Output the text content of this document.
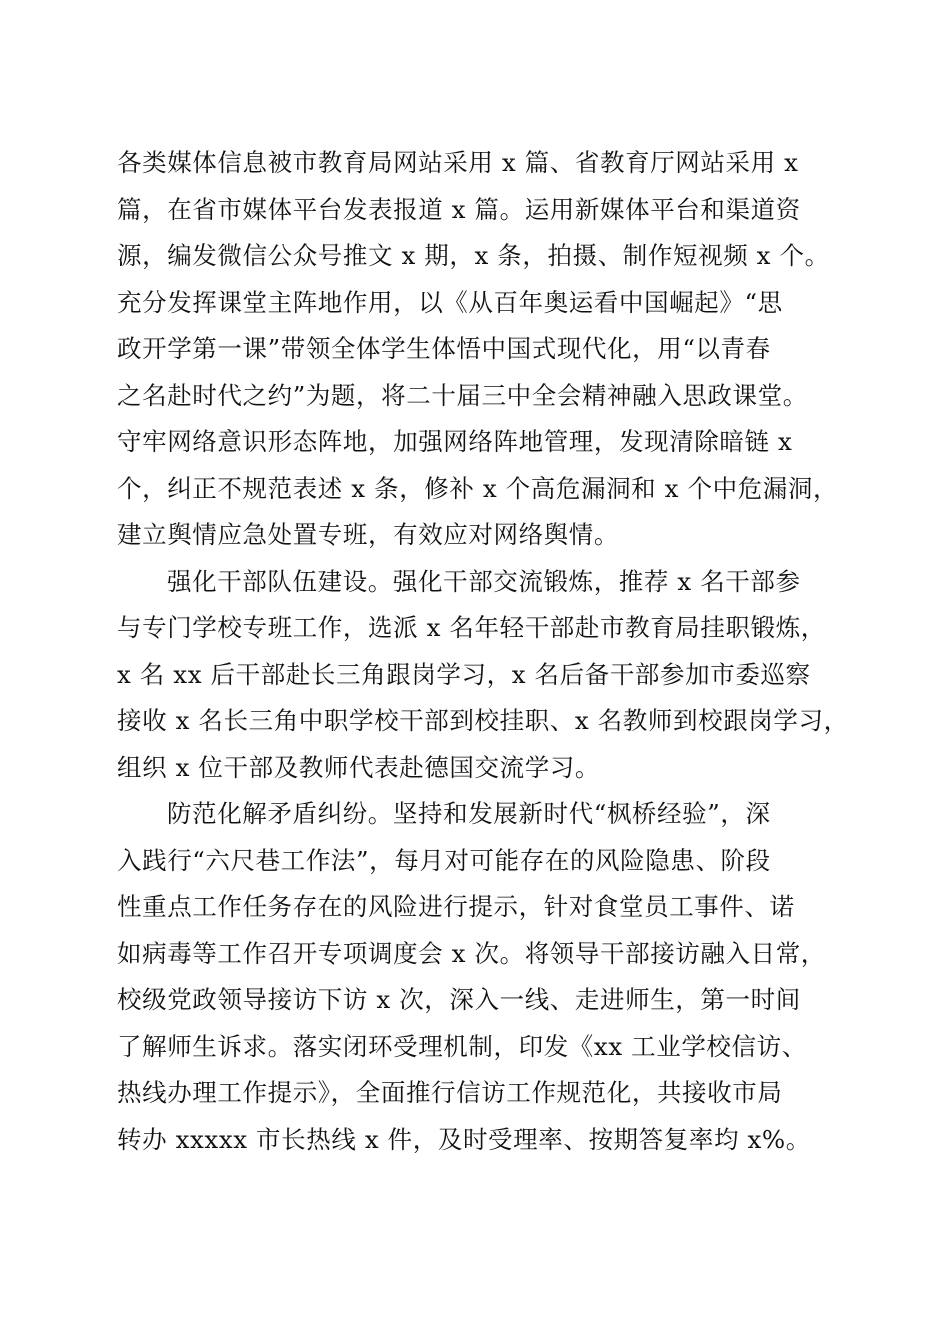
各类媒体信息被市教育局网站采用 x 篇、省教育厅网站采用 x
篇，在省市媒体平台发表报道 x 篇。运用新媒体平台和渠道资
源，编发微信公众号推文 x 期，x 条，拍摄、制作短视频 x 个。
充分发挥课堂主阵地作用，以《从百年奥运看中国崛起》“思
政开学第一课”带领全体学生体悟中国式现代化，用“以青春
之名赴时代之约”为题，将二十届三中全会精神融入思政课堂。
守牢网络意识形态阵地，加强网络阵地管理，发现清除暗链 x
个，纠正不规范表述 x 条，修补 x 个高危漏洞和 x 个中危漏洞，
建立舆情应急处置专班，有效应对网络舆情。
强化干部队伍建设。强化干部交流锻炼，推荐 x 名干部参
与专门学校专班工作，选派 x 名年轻干部赴市教育局挂职锻炼，
x 名 xx 后干部赴长三角跟岗学习，x 名后备干部参加市委巡察
接收 x 名长三角中职学校干部到校挂职、x 名教师到校跟岗学习，
组织 x 位干部及教师代表赴德国交流学习。
防范化解矛盾纠纷。坚持和发展新时代“枫桥经验”，深
入践行“六尺巷工作法”，每月对可能存在的风险隐患、阶段
性重点工作任务存在的风险进行提示，针对食堂员工事件、诺
如病毒等工作召开专项调度会 x 次。将领导干部接访融入日常，
校级党政领导接访下访 x 次，深入一线、走进师生，第一时间
了解师生诉求。落实闭环受理机制，印发《xx 工业学校信访、
热线办理工作提示》，全面推行信访工作规范化，共接收市局
转办 xxxxx 市长热线 x 件，及时受理率、按期答复率均 x%。
